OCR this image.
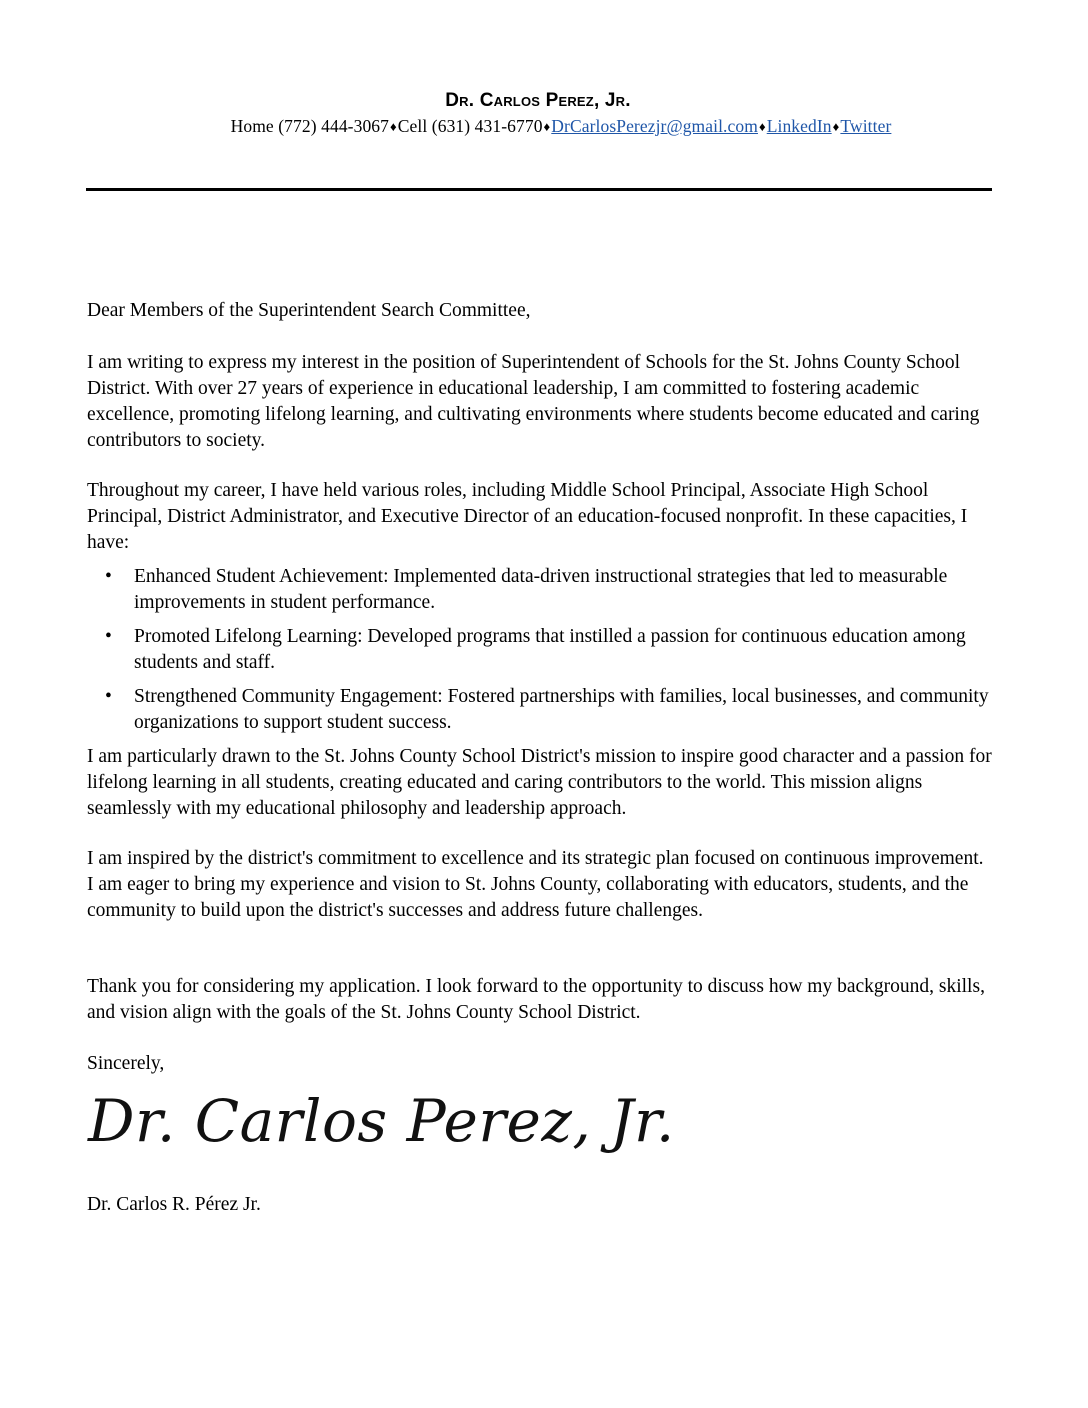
Dr. Carlos Perez, Jr.
Home (772) 444-3067♦Cell (631) 431-6770♦DrCarlosPerezjr@gmail.com♦LinkedIn♦Twitter

Dear Members of the Superintendent Search Committee,

I am writing to express my interest in the position of Superintendent of Schools for the St. Johns County School District. With over 27 years of experience in educational leadership, I am committed to fostering academic excellence, promoting lifelong learning, and cultivating environments where students become educated and caring contributors to society.

Throughout my career, I have held various roles, including Middle School Principal, Associate High School Principal, District Administrator, and Executive Director of an education-focused nonprofit. In these capacities, I have:

• Enhanced Student Achievement: Implemented data-driven instructional strategies that led to measurable improvements in student performance.
• Promoted Lifelong Learning: Developed programs that instilled a passion for continuous education among students and staff.
• Strengthened Community Engagement: Fostered partnerships with families, local businesses, and community organizations to support student success.

I am particularly drawn to the St. Johns County School District's mission to inspire good character and a passion for lifelong learning in all students, creating educated and caring contributors to the world. This mission aligns seamlessly with my educational philosophy and leadership approach.

I am inspired by the district's commitment to excellence and its strategic plan focused on continuous improvement. I am eager to bring my experience and vision to St. Johns County, collaborating with educators, students, and the community to build upon the district's successes and address future challenges.

Thank you for considering my application. I look forward to the opportunity to discuss how my background, skills, and vision align with the goals of the St. Johns County School District.

Sincerely,

Dr. Carlos Perez, Jr.

Dr. Carlos R. Pérez Jr.
